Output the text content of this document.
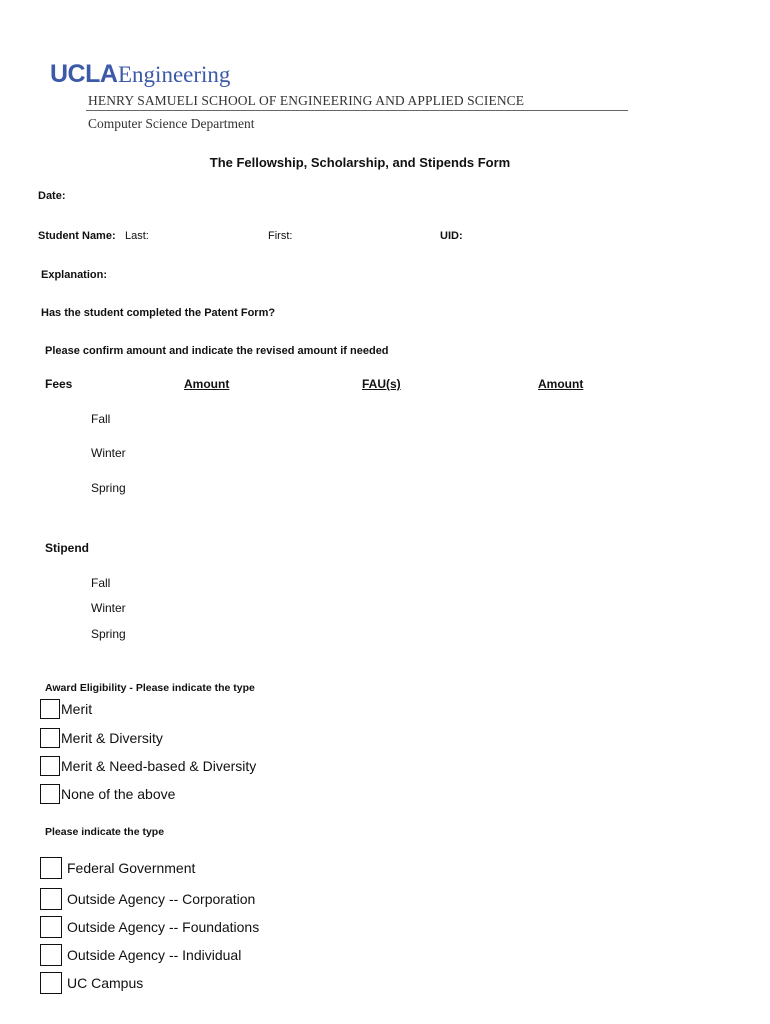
UCLA Engineering
HENRY SAMUELI SCHOOL OF ENGINEERING AND APPLIED SCIENCE
Computer Science Department
The Fellowship, Scholarship, and Stipends Form
Date:
Student Name: Last:	First:	UID:
Explanation:
Has the student completed the Patent Form?
Please confirm amount and indicate the revised amount if needed
Fees	Amount	FAU(s)	Amount
Fall
Winter
Spring
Stipend
Fall
Winter
Spring
Award Eligibility - Please indicate the type
Merit
Merit & Diversity
Merit & Need-based & Diversity
None of the above
Please indicate the type
Federal Government
Outside Agency -- Corporation
Outside Agency -- Foundations
Outside Agency -- Individual
UC Campus
